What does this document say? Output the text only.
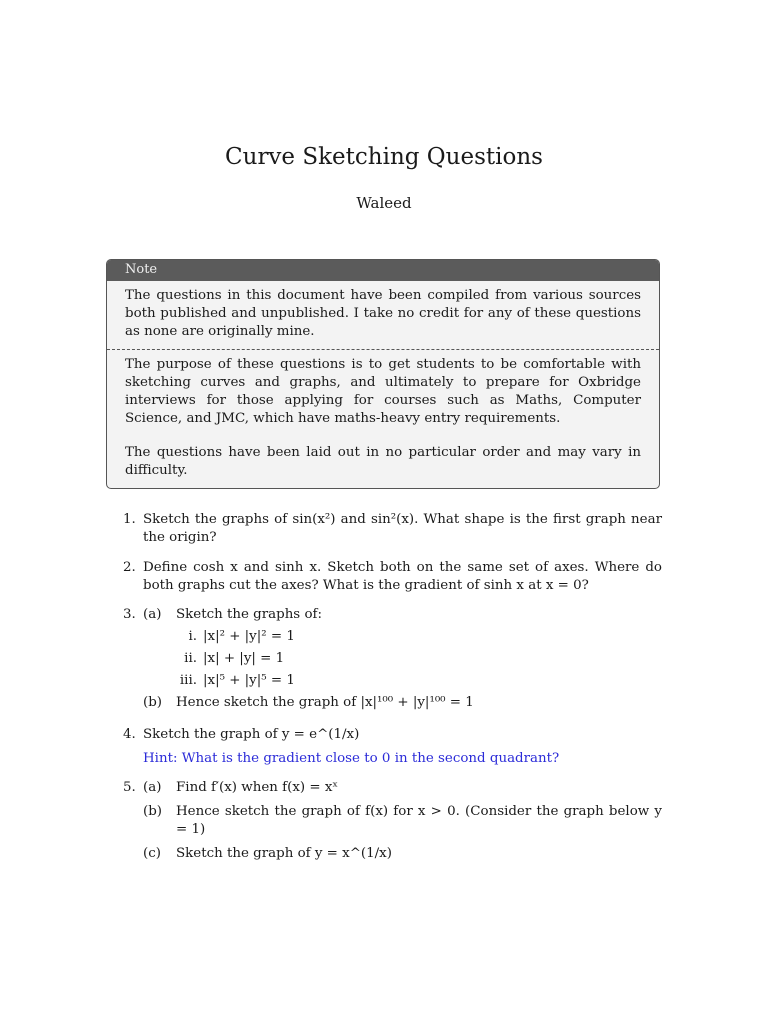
Curve Sketching Questions
Waleed
Note

The questions in this document have been compiled from various sources both published and unpublished. I take no credit for any of these questions as none are originally mine.

The purpose of these questions is to get students to be comfortable with sketching curves and graphs, and ultimately to prepare for Oxbridge interviews for those applying for courses such as Maths, Computer Science, and JMC, which have maths-heavy entry requirements.

The questions have been laid out in no particular order and may vary in difficulty.

1. Sketch the graphs of sin(x²) and sin²(x). What shape is the first graph near the origin?
2. Define cosh x and sinh x. Sketch both on the same set of axes. Where do both graphs cut the axes? What is the gradient of sinh x at x = 0?
3. (a) Sketch the graphs of:
i. |x|² + |y|² = 1
ii. |x| + |y| = 1
iii. |x|⁵ + |y|⁵ = 1
(b) Hence sketch the graph of |x|¹⁰⁰ + |y|¹⁰⁰ = 1
4. Sketch the graph of y = e^(1/x)
Hint: What is the gradient close to 0 in the second quadrant?
5. (a) Find f′(x) when f(x) = xˣ
(b) Hence sketch the graph of f(x) for x > 0. (Consider the graph below y = 1)
(c) Sketch the graph of y = x^(1/x)
